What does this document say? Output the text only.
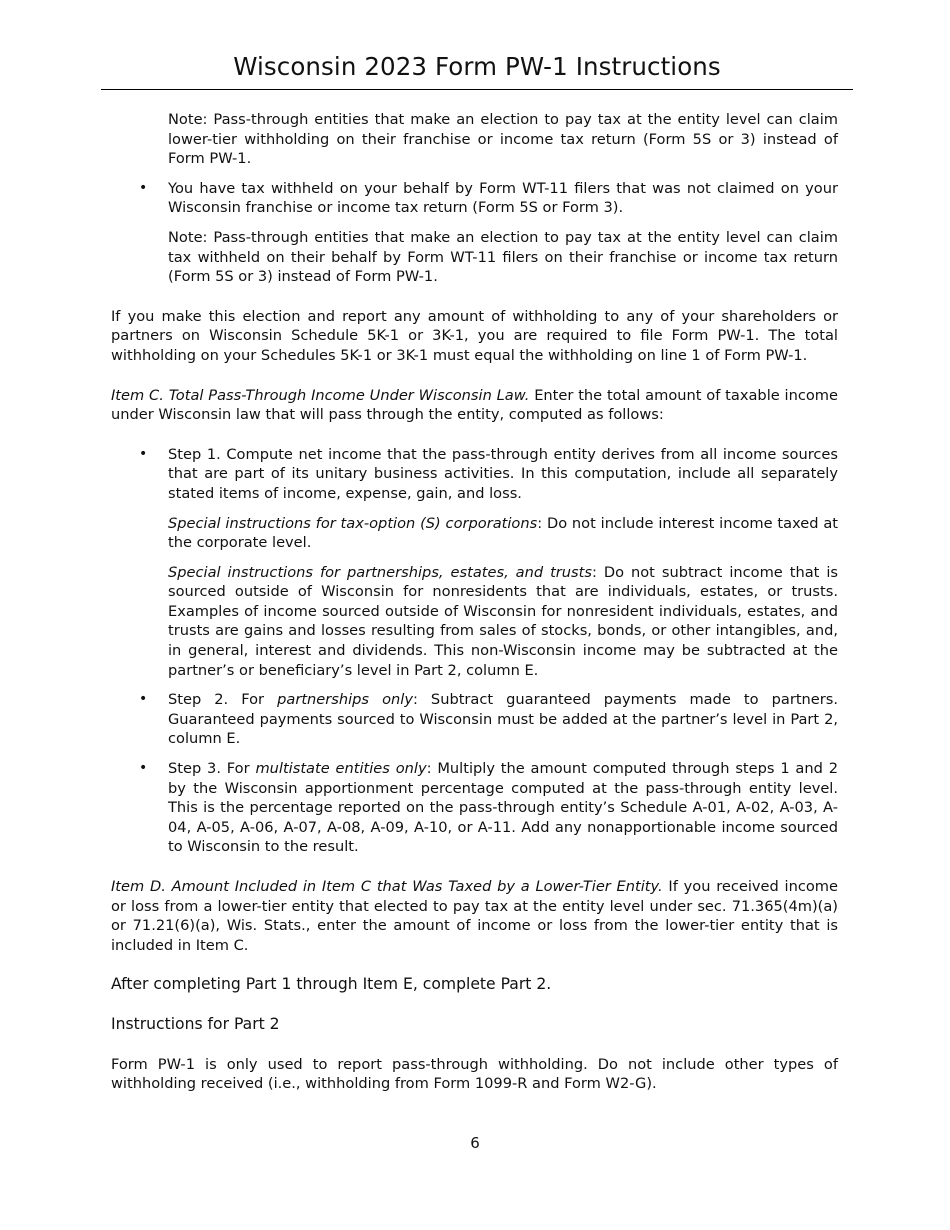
Wisconsin 2023 Form PW-1 Instructions

Note: Pass-through entities that make an election to pay tax at the entity level can claim lower-tier withholding on their franchise or income tax return (Form 5S or 3) instead of Form PW-1.

• You have tax withheld on your behalf by Form WT-11 filers that was not claimed on your Wisconsin franchise or income tax return (Form 5S or Form 3).

Note: Pass-through entities that make an election to pay tax at the entity level can claim tax withheld on their behalf by Form WT-11 filers on their franchise or income tax return (Form 5S or 3) instead of Form PW-1.

If you make this election and report any amount of withholding to any of your shareholders or partners on Wisconsin Schedule 5K-1 or 3K-1, you are required to file Form PW-1. The total withholding on your Schedules 5K-1 or 3K-1 must equal the withholding on line 1 of Form PW-1.

Item C. Total Pass-Through Income Under Wisconsin Law. Enter the total amount of taxable income under Wisconsin law that will pass through the entity, computed as follows:

• Step 1. Compute net income that the pass-through entity derives from all income sources that are part of its unitary business activities. In this computation, include all separately stated items of income, expense, gain, and loss.

Special instructions for tax-option (S) corporations: Do not include interest income taxed at the corporate level.

Special instructions for partnerships, estates, and trusts: Do not subtract income that is sourced outside of Wisconsin for nonresidents that are individuals, estates, or trusts. Examples of income sourced outside of Wisconsin for nonresident individuals, estates, and trusts are gains and losses resulting from sales of stocks, bonds, or other intangibles, and, in general, interest and dividends. This non-Wisconsin income may be subtracted at the partner’s or beneficiary’s level in Part 2, column E.

• Step 2. For partnerships only: Subtract guaranteed payments made to partners. Guaranteed payments sourced to Wisconsin must be added at the partner’s level in Part 2, column E.

• Step 3. For multistate entities only: Multiply the amount computed through steps 1 and 2 by the Wisconsin apportionment percentage computed at the pass-through entity level. This is the percentage reported on the pass-through entity’s Schedule A-01, A-02, A-03, A-04, A-05, A-06, A-07, A-08, A-09, A-10, or A-11. Add any nonapportionable income sourced to Wisconsin to the result.

Item D. Amount Included in Item C that Was Taxed by a Lower-Tier Entity. If you received income or loss from a lower-tier entity that elected to pay tax at the entity level under sec. 71.365(4m)(a) or 71.21(6)(a), Wis. Stats., enter the amount of income or loss from the lower-tier entity that is included in Item C.

After completing Part 1 through Item E, complete Part 2.

Instructions for Part 2

Form PW-1 is only used to report pass-through withholding. Do not include other types of withholding received (i.e., withholding from Form 1099-R and Form W2-G).

6
